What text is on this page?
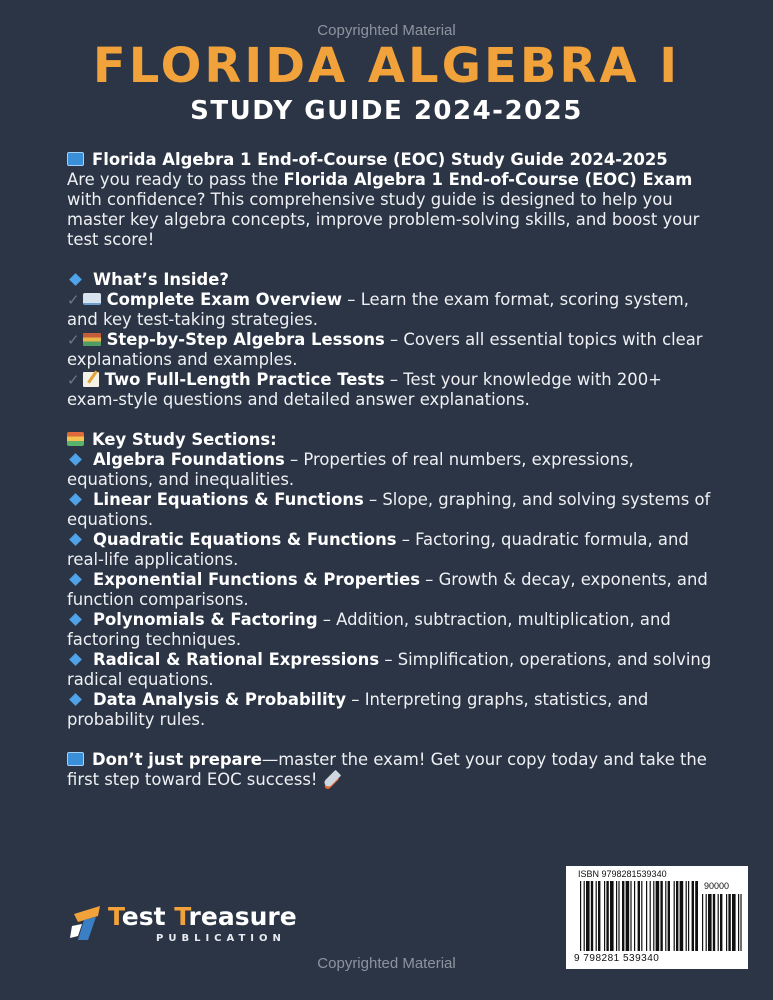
Copyrighted Material
FLORIDA ALGEBRA I
STUDY GUIDE 2024-2025

Florida Algebra 1 End-of-Course (EOC) Study Guide 2024-2025
Are you ready to pass the Florida Algebra 1 End-of-Course (EOC) Exam with confidence? This comprehensive study guide is designed to help you master key algebra concepts, improve problem-solving skills, and boost your test score!

What’s Inside?
✓ Complete Exam Overview – Learn the exam format, scoring system, and key test-taking strategies.
✓ Step-by-Step Algebra Lessons – Covers all essential topics with clear explanations and examples.
✓ Two Full-Length Practice Tests – Test your knowledge with 200+ exam-style questions and detailed answer explanations.

Key Study Sections:
Algebra Foundations – Properties of real numbers, expressions, equations, and inequalities.
Linear Equations & Functions – Slope, graphing, and solving systems of equations.
Quadratic Equations & Functions – Factoring, quadratic formula, and real-life applications.
Exponential Functions & Properties – Growth & decay, exponents, and function comparisons.
Polynomials & Factoring – Addition, subtraction, multiplication, and factoring techniques.
Radical & Rational Expressions – Simplification, operations, and solving radical equations.
Data Analysis & Probability – Interpreting graphs, statistics, and probability rules.

Don’t just prepare—master the exam! Get your copy today and take the first step toward EOC success!

Test Treasure
PUBLICATION
ISBN 9798281539340
90000
9 798281 539340
Copyrighted Material
